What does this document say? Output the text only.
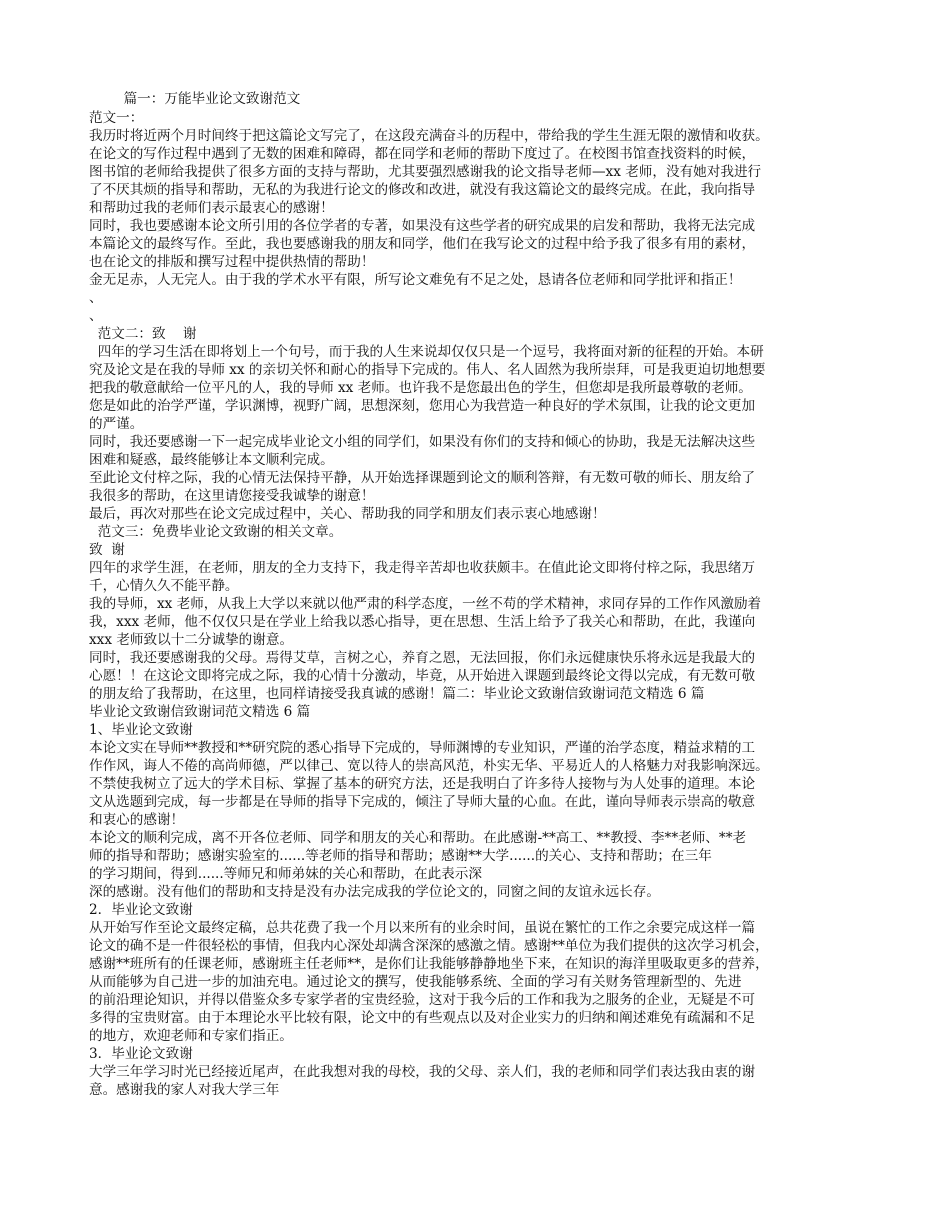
篇一：万能毕业论文致谢范文

范文一：

我历时将近两个月时间终于把这篇论文写完了，在这段充满奋斗的历程中，带给我的学生生涯无限的激情和收获。

在论文的写作过程中遇到了无数的困难和障碍，都在同学和老师的帮助下度过了。在校图书馆查找资料的时候，

图书馆的老师给我提供了很多方面的支持与帮助，尤其要强烈感谢我的论文指导老师—xx 老师，没有她对我进行

了不厌其烦的指导和帮助，无私的为我进行论文的修改和改进，就没有我这篇论文的最终完成。在此，我向指导

和帮助过我的老师们表示最衷心的感谢！

同时，我也要感谢本论文所引用的各位学者的专著，如果没有这些学者的研究成果的启发和帮助，我将无法完成

本篇论文的最终写作。至此，我也要感谢我的朋友和同学，他们在我写论文的过程中给予我了很多有用的素材，

也在论文的排版和撰写过程中提供热情的帮助！

金无足赤，人无完人。由于我的学术水平有限，所写论文难免有不足之处，恳请各位老师和同学批评和指正！

、

、

范文二：致    谢

四年的学习生活在即将划上一个句号，而于我的人生来说却仅仅只是一个逗号，我将面对新的征程的开始。本研

究及论文是在我的导师 xx 的亲切关怀和耐心的指导下完成的。伟人、名人固然为我所崇拜，可是我更迫切地想要

把我的敬意献给一位平凡的人，我的导师 xx 老师。也许我不是您最出色的学生，但您却是我所最尊敬的老师。

您是如此的治学严谨，学识渊博，视野广阔，思想深刻，您用心为我营造一种良好的学术氛围，让我的论文更加

的严谨。

同时，我还要感谢一下一起完成毕业论文小组的同学们，如果没有你们的支持和倾心的协助，我是无法解决这些

困难和疑惑，最终能够让本文顺利完成。

至此论文付梓之际，我的心情无法保持平静，从开始选择课题到论文的顺利答辩，有无数可敬的师长、朋友给了

我很多的帮助，在这里请您接受我诚挚的谢意！

最后，再次对那些在论文完成过程中，关心、帮助我的同学和朋友们表示衷心地感谢！

范文三：免费毕业论文致谢的相关文章。

致  谢

四年的求学生涯，在老师，朋友的全力支持下，我走得辛苦却也收获颇丰。在值此论文即将付梓之际，我思绪万

千，心情久久不能平静。

我的导师，xx 老师，从我上大学以来就以他严肃的科学态度，一丝不苟的学术精神，求同存异的工作作风激励着

我，xxx 老师，他不仅仅只是在学业上给我以悉心指导，更在思想、生活上给予了我关心和帮助，在此，我谨向

xxx 老师致以十二分诚挚的谢意。

同时，我还要感谢我的父母。焉得艾草，言树之心，养育之恩，无法回报，你们永远健康快乐将永远是我最大的

心愿！！在这论文即将完成之际，我的心情十分激动，毕竟，从开始进入课题到最终论文得以完成，有无数可敬

的朋友给了我帮助，在这里，也同样请接受我真诚的感谢！篇二：毕业论文致谢信致谢词范文精选 6 篇

毕业论文致谢信致谢词范文精选 6 篇

1、毕业论文致谢

本论文实在导师**教授和**研究院的悉心指导下完成的，导师渊博的专业知识，严谨的治学态度，精益求精的工

作作风，诲人不倦的高尚师德，严以律己、宽以待人的崇高风范，朴实无华、平易近人的人格魅力对我影响深远。

不禁使我树立了远大的学术目标、掌握了基本的研究方法，还是我明白了许多待人接物与为人处事的道理。本论

文从选题到完成，每一步都是在导师的指导下完成的，倾注了导师大量的心血。在此，谨向导师表示崇高的敬意

和衷心的感谢！

本论文的顺利完成，离不开各位老师、同学和朋友的关心和帮助。在此感谢-**高工、**教授、李**老师、**老

师的指导和帮助；感谢实验室的......等老师的指导和帮助；感谢**大学......的关心、支持和帮助；在三年

的学习期间，得到......等师兄和师弟妹的关心和帮助，在此表示深

深的感谢。没有他们的帮助和支持是没有办法完成我的学位论文的，同窗之间的友谊永远长存。

2．毕业论文致谢

从开始写作至论文最终定稿，总共花费了我一个月以来所有的业余时间，虽说在繁忙的工作之余要完成这样一篇

论文的确不是一件很轻松的事情，但我内心深处却满含深深的感激之情。感谢**单位为我们提供的这次学习机会，

感谢**班所有的任课老师，感谢班主任老师**，是你们让我能够静静地坐下来，在知识的海洋里吸取更多的营养，

从而能够为自己进一步的加油充电。通过论文的撰写，使我能够系统、全面的学习有关财务管理新型的、先进

的前沿理论知识，并得以借鉴众多专家学者的宝贵经验，这对于我今后的工作和我为之服务的企业，无疑是不可

多得的宝贵财富。由于本理论水平比较有限，论文中的有些观点以及对企业实力的归纳和阐述难免有疏漏和不足

的地方，欢迎老师和专家们指正。

3．毕业论文致谢

大学三年学习时光已经接近尾声，在此我想对我的母校，我的父母、亲人们，我的老师和同学们表达我由衷的谢

意。感谢我的家人对我大学三年
